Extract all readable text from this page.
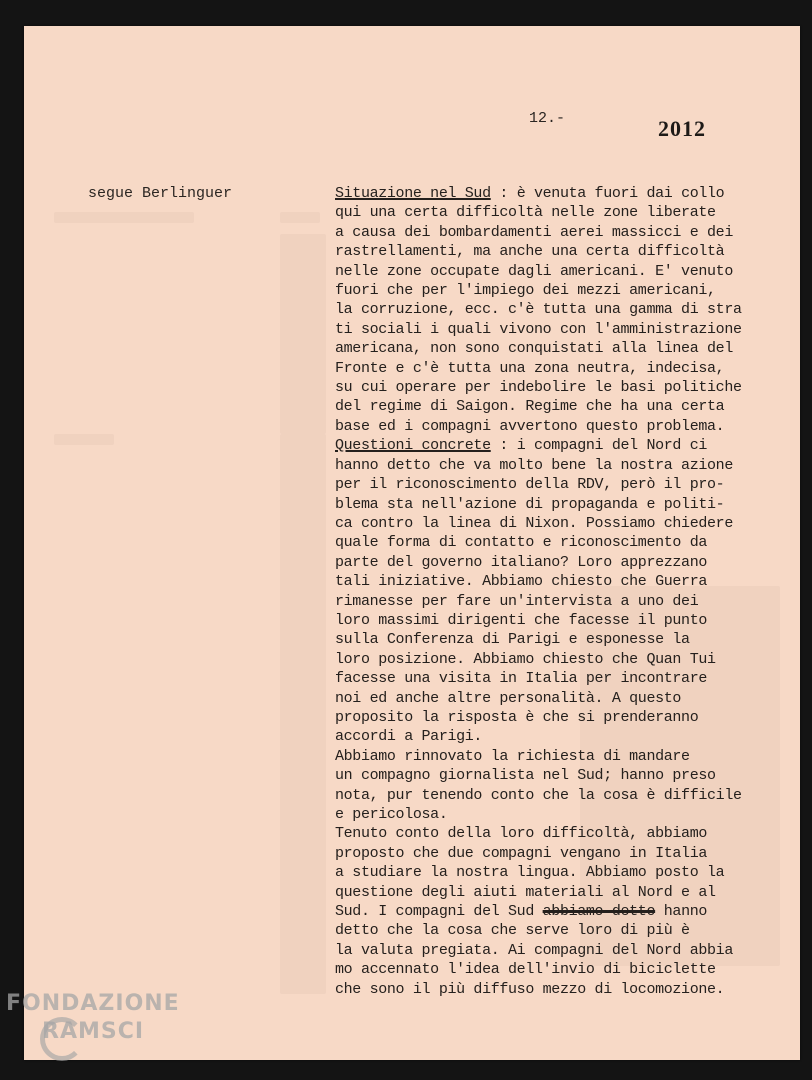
12.-	2012
segue Berlinguer	Situazione nel Sud : è venuta fuori dai collo
qui una certa difficoltà nelle zone liberate
a causa dei bombardamenti aerei massicci e dei
rastrellamenti, ma anche una certa difficoltà
nelle zone occupate dagli americani. E' venuto
fuori che per l'impiego dei mezzi americani,
la corruzione, ecc. c'è tutta una gamma di stra
ti sociali i quali vivono con l'amministrazione
americana, non sono conquistati alla linea del
Fronte e c'è tutta una zona neutra, indecisa,
su cui operare per indebolire le basi politiche
del regime di Saigon. Regime che ha una certa
base ed i compagni avvertono questo problema.
Questioni concrete : i compagni del Nord ci
hanno detto che va molto bene la nostra azione
per il riconoscimento della RDV, però il pro-
blema sta nell'azione di propaganda e politi-
ca contro la linea di Nixon. Possiamo chiedere
quale forma di contatto e riconoscimento da
parte del governo italiano? Loro apprezzano
tali iniziative. Abbiamo chiesto che Guerra
rimanesse per fare un'intervista a uno dei
loro massimi dirigenti che facesse il punto
sulla Conferenza di Parigi e esponesse la
loro posizione. Abbiamo chiesto che Quan Tui
facesse una visita in Italia per incontrare
noi ed anche altre personalità. A questo
proposito la risposta è che si prenderanno
accordi a Parigi.
Abbiamo rinnovato la richiesta di mandare
un compagno giornalista nel Sud; hanno preso
nota, pur tenendo conto che la cosa è difficile
e pericolosa.
Tenuto conto della loro difficoltà, abbiamo
proposto che due compagni vengano in Italia
a studiare la nostra lingua. Abbiamo posto la
questione degli aiuti materiali al Nord e al
Sud. I compagni del Sud abbiamo detto hanno
detto che la cosa che serve loro di più è
la valuta pregiata. Ai compagni del Nord abbia
mo accennato l'idea dell'invio di biciclette
che sono il più diffuso mezzo di locomozione.
FONDAZIONE
RAMSCI
